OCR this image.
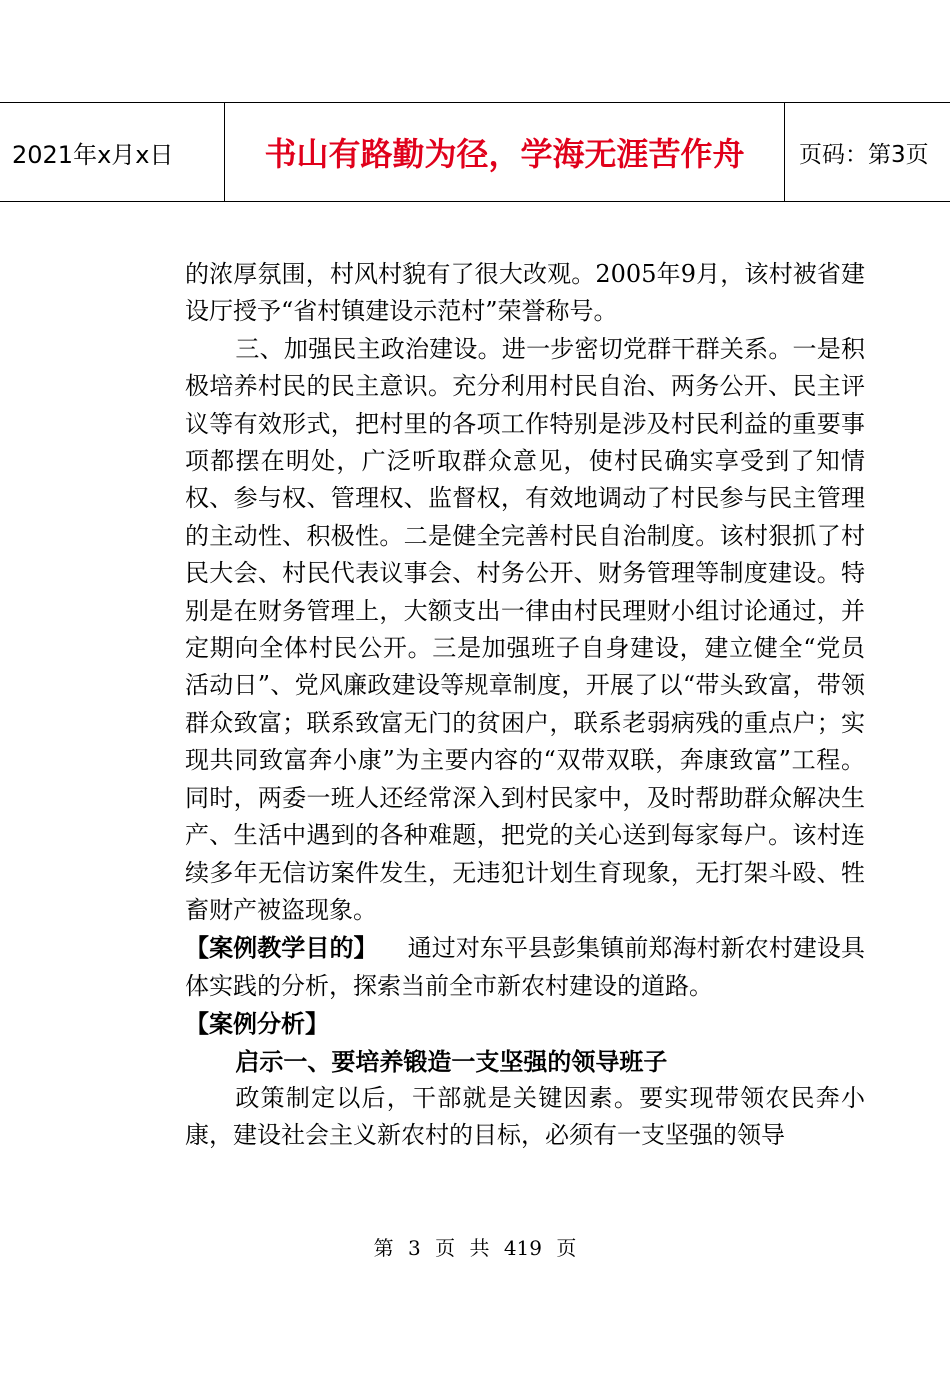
2021年x月x日	书山有路勤为径，学海无涯苦作舟	页码：第3页

的浓厚氛围，村风村貌有了很大改观。2005年9月，该村被省建设厅授予“省村镇建设示范村”荣誉称号。

三、加强民主政治建设。进一步密切党群干群关系。一是积极培养村民的民主意识。充分利用村民自治、两务公开、民主评议等有效形式，把村里的各项工作特别是涉及村民利益的重要事项都摆在明处，广泛听取群众意见，使村民确实享受到了知情权、参与权、管理权、监督权，有效地调动了村民参与民主管理的主动性、积极性。二是健全完善村民自治制度。该村狠抓了村民大会、村民代表议事会、村务公开、财务管理等制度建设。特别是在财务管理上，大额支出一律由村民理财小组讨论通过，并定期向全体村民公开。三是加强班子自身建设，建立健全“党员活动日”、党风廉政建设等规章制度，开展了以“带头致富，带领群众致富；联系致富无门的贫困户，联系老弱病残的重点户；实现共同致富奔小康”为主要内容的“双带双联，奔康致富”工程。同时，两委一班人还经常深入到村民家中，及时帮助群众解决生产、生活中遇到的各种难题，把党的关心送到每家每户。该村连续多年无信访案件发生，无违犯计划生育现象，无打架斗殴、牲畜财产被盗现象。

【案例教学目的】 通过对东平县彭集镇前郑海村新农村建设具体实践的分析，探索当前全市新农村建设的道路。

【案例分析】

启示一、要培养锻造一支坚强的领导班子

政策制定以后，干部就是关键因素。要实现带领农民奔小康，建设社会主义新农村的目标，必须有一支坚强的领导

第 3 页 共 419 页
